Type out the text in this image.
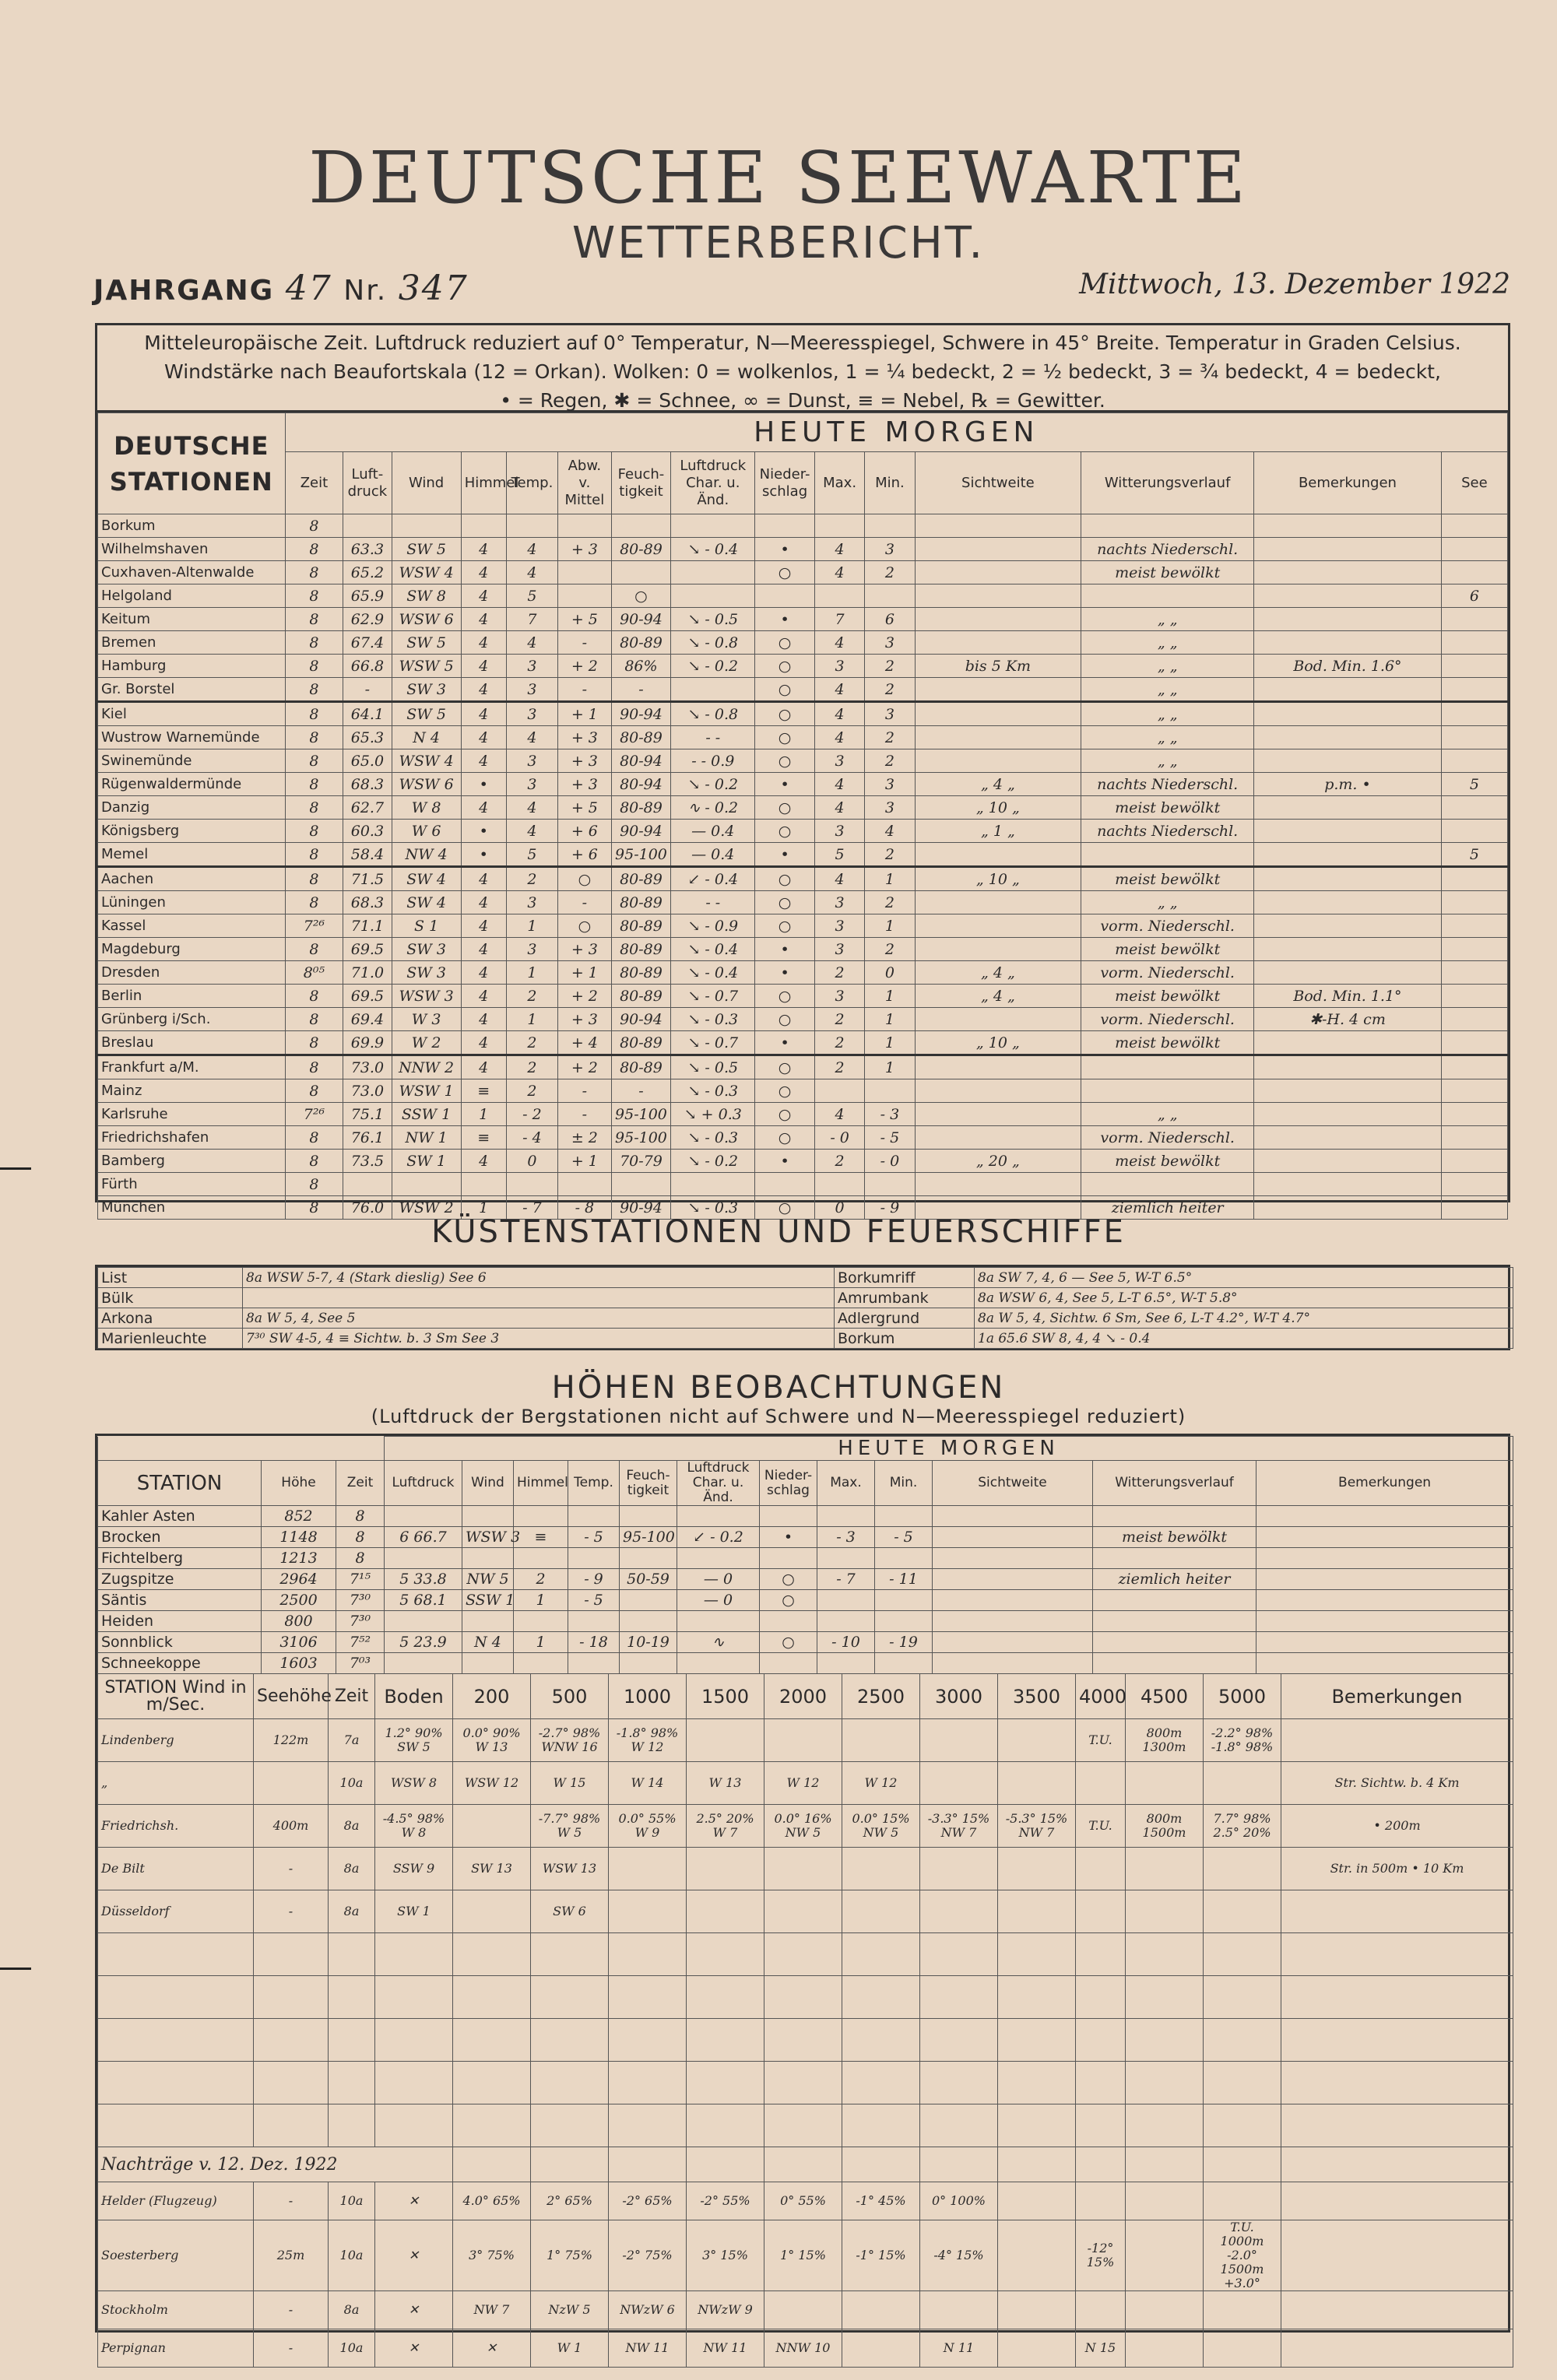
DEUTSCHE SEEWARTE
WETTERBERICHT.
JAHRGANG 47 Nr. 347	Mittwoch, 13. Dezember 1922
Mitteleuropäische Zeit. Luftdruck reduziert auf 0° Temperatur, N—Meeresspiegel, Schwere in 45° Breite. Temperatur in Graden Celsius.
Windstärke nach Beaufortskala (12 = Orkan). Wolken: 0 = wolkenlos, 1 = ¼ bedeckt, 2 = ½ bedeckt, 3 = ¾ bedeckt, 4 = bedeckt,
• = Regen, ✱ = Schnee, ∞ = Dunst, ≡ = Nebel, ℞ = Gewitter.
DEUTSCHE STATIONEN	HEUTE MORGEN														
	Zeit	Luft-druck	Wind	Himmel	Temp.	Abw. v. Mittel	Feuch-tigkeit	Luftdruck Char. u. Änd.	Nieder-schlag	Max.	Min.	Sichtweite	Witterungsverlauf	Bemerkungen	See
Borkum	8														
Wilhelmshaven	8	63.3	SW 5	4	4	+ 3	80-89	↘ - 0.4	•	4	3		nachts Niederschl.		
Cuxhaven-Altenwalde	8	65.2	WSW 4	4	4				○	4	2		meist bewölkt		
Helgoland	8	65.9	SW 8	4	5		○								6
Keitum	8	62.9	WSW 6	4	7	+ 5	90-94	↘ - 0.5	•	7	6		„ „		
Bremen	8	67.4	SW 5	4	4	-	80-89	↘ - 0.8	○	4	3		„ „		
Hamburg	8	66.8	WSW 5	4	3	+ 2	86%	↘ - 0.2	○	3	2	bis 5 Km	„ „	Bod. Min. 1.6°	
Gr. Borstel	8	-	SW 3	4	3	-	-		○	4	2		„ „		
Kiel	8	64.1	SW 5	4	3	+ 1	90-94	↘ - 0.8	○	4	3		„ „		
Wustrow Warnemünde	8	65.3	N 4	4	4	+ 3	80-89	- -	○	4	2		„ „		
Swinemünde	8	65.0	WSW 4	4	3	+ 3	80-94	- - 0.9	○	3	2		„ „		
Rügenwaldermünde	8	68.3	WSW 6	•	3	+ 3	80-94	↘ - 0.2	•	4	3	„ 4 „	nachts Niederschl.	p.m. •	5
Danzig	8	62.7	W 8	4	4	+ 5	80-89	∿ - 0.2	○	4	3	„ 10 „	meist bewölkt		
Königsberg	8	60.3	W 6	•	4	+ 6	90-94	— 0.4	○	3	4	„ 1 „	nachts Niederschl.		
Memel	8	58.4	NW 4	•	5	+ 6	95-100	— 0.4	•	5	2				5
Aachen	8	71.5	SW 4	4	2	○	80-89	↙ - 0.4	○	4	1	„ 10 „	meist bewölkt		
Lüningen	8	68.3	SW 4	4	3	-	80-89	- -	○	3	2		„ „		
Kassel	7²⁶	71.1	S 1	4	1	○	80-89	↘ - 0.9	○	3	1		vorm. Niederschl.		
Magdeburg	8	69.5	SW 3	4	3	+ 3	80-89	↘ - 0.4	•	3	2		meist bewölkt		
Dresden	8⁰⁵	71.0	SW 3	4	1	+ 1	80-89	↘ - 0.4	•	2	0	„ 4 „	vorm. Niederschl.		
Berlin	8	69.5	WSW 3	4	2	+ 2	80-89	↘ - 0.7	○	3	1	„ 4 „	meist bewölkt	Bod. Min. 1.1°	
Grünberg i/Sch.	8	69.4	W 3	4	1	+ 3	90-94	↘ - 0.3	○	2	1		vorm. Niederschl.	✱-H. 4 cm	
Breslau	8	69.9	W 2	4	2	+ 4	80-89	↘ - 0.7	•	2	1	„ 10 „	meist bewölkt		
Frankfurt a/M.	8	73.0	NNW 2	4	2	+ 2	80-89	↘ - 0.5	○	2	1				
Mainz	8	73.0	WSW 1	≡	2	-	-	↘ - 0.3	○						
Karlsruhe	7²⁶	75.1	SSW 1	1	- 2	-	95-100	↘ + 0.3	○	4	- 3		„ „		
Friedrichshafen	8	76.1	NW 1	≡	- 4	± 2	95-100	↘ - 0.3	○	- 0	- 5		vorm. Niederschl.		
Bamberg	8	73.5	SW 1	4	0	+ 1	70-79	↘ - 0.2	•	2	- 0	„ 20 „	meist bewölkt		
Fürth	8														
München	8	76.0	WSW 2	1	- 7	- 8	90-94	↘ - 0.3	○	0	- 9		ziemlich heiter		
KÜSTENSTATIONEN UND FEUERSCHIFFE
List	8a WSW 5-7, 4 (Stark dieslig) See 6	Borkumriff	8a SW 7, 4, 6 — See 5, W-T 6.5°
Bülk		Amrumbank	8a WSW 6, 4, See 5, L-T 6.5°, W-T 5.8°
Arkona	8a W 5, 4, See 5	Adlergrund	8a W 5, 4, Sichtw. 6 Sm, See 6, L-T 4.2°, W-T 4.7°
Marienleuchte	7³⁰ SW 4-5, 4 ≡ Sichtw. b. 3 Sm See 3	Borkum	1a 65.6 SW 8, 4, 4 ↘ - 0.4
HÖHEN BEOBACHTUNGEN
(Luftdruck der Bergstationen nicht auf Schwere und N—Meeresspiegel reduziert)
			HEUTE MORGEN											
STATION	Höhe	Zeit	Luftdruck	Wind	Himmel	Temp.	Feuch-tigkeit	Luftdruck Char. u. Änd.	Nieder-schlag	Max.	Min.	Sichtweite	Witterungsverlauf	Bemerkungen
Kahler Asten	852	8												
Brocken	1148	8	6 66.7	WSW 3	≡	- 5	95-100	↙ - 0.2	•	- 3	- 5		meist bewölkt	
Fichtelberg	1213	8												
Zugspitze	2964	7¹⁵	5 33.8	NW 5	2	- 9	50-59	— 0	○	- 7	- 11		ziemlich heiter	
Säntis	2500	7³⁰	5 68.1	SSW 1	1	- 5		— 0	○					
Heiden	800	7³⁰												
Sonnblick	3106	7⁵²	5 23.9	N 4	1	- 18	10-19	∿	○	- 10	- 19			
Schneekoppe	1603	7⁰³												
STATION Wind in m/Sec.	Seehöhe	Zeit	Boden	200	500	1000	1500	2000	2500	3000	3500	4000	4500	5000	Bemerkungen
Lindenberg	122m	7a	1.2° 90% SW 5	0.0° 90% W 13	-2.7° 98% WNW 16	-1.8° 98% W 12						T.U.	800m 1300m	-2.2° 98% -1.8° 98%	
„		10a	WSW 8	WSW 12	W 15	W 14	W 13	W 12	W 12						Str. Sichtw. b. 4 Km
Friedrichsh.	400m	8a	-4.5° 98% W 8		-7.7° 98% W 5	0.0° 55% W 9	2.5° 20% W 7	0.0° 16% NW 5	0.0° 15% NW 5	-3.3° 15% NW 7	-5.3° 15% NW 7	T.U.	800m 1500m	7.7° 98% 2.5° 20%	• 200m
De Bilt	-	8a	SSW 9	SW 13	WSW 13										Str. in 500m • 10 Km
Düsseldorf	-	8a	SW 1		SW 6										

Nachträge v. 12. Dez. 1922															
Helder (Flugzeug)	-	10a	✕	4.0° 65%	2° 65%	-2° 65%	-2° 55%	0° 55%	-1° 45%	0° 100%					
Soesterberg	25m	10a	✕	3° 75%	1° 75%	-2° 75%	3° 15%	1° 15%	-1° 15%	-4° 15%		-12° 15%		T.U. 1000m -2.0° 1500m +3.0°	
Stockholm	-	8a	✕	NW 7	NzW 5	NWzW 6	NWzW 9								
Perpignan	-	10a	✕	✕	W 1	NW 11	NW 11	NNW 10		N 11		N 15			
